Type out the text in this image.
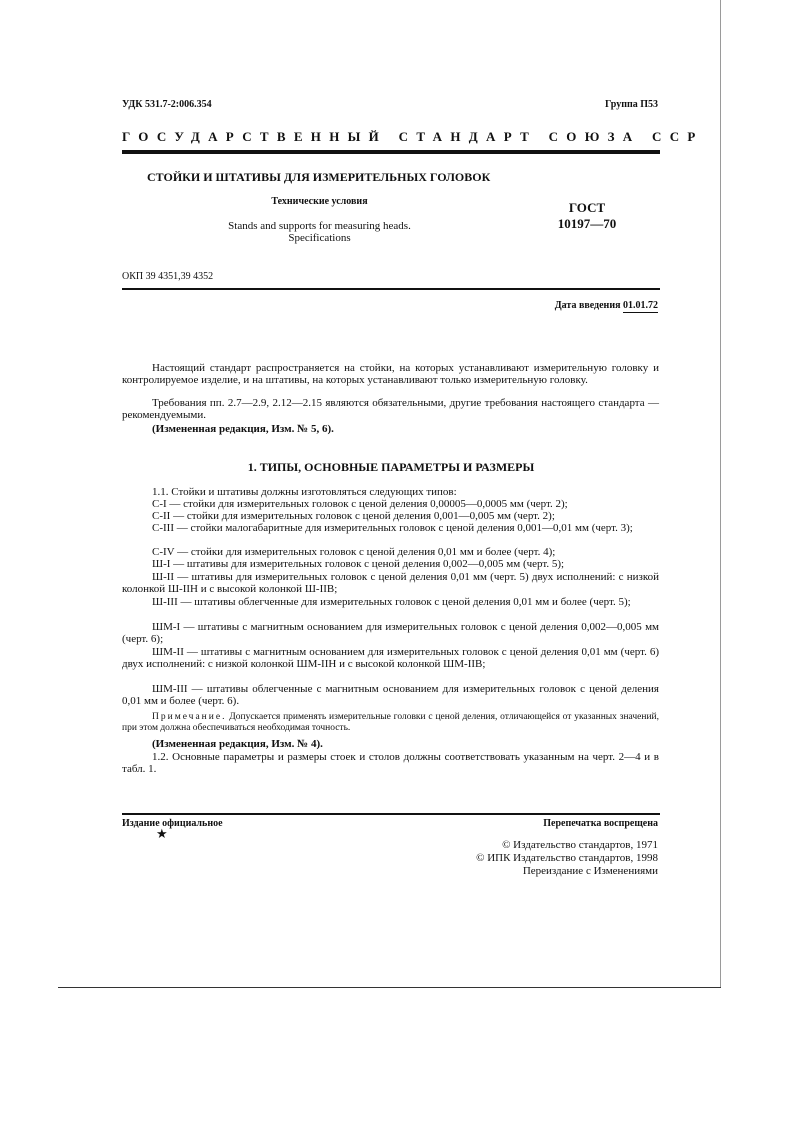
УДК 531.7-2:006.354	Группа П53
ГОСУДАРСТВЕННЫЙ СТАНДАРТ СОЮЗА ССР
СТОЙКИ И ШТАТИВЫ ДЛЯ ИЗМЕРИТЕЛЬНЫХ ГОЛОВОК
Технические условия
Stands and supports for measuring heads.
Specifications
ГОСТ
10197—70
ОКП 39 4351,39 4352
Дата введения 01.01.72

Настоящий стандарт распространяется на стойки, на которых устанавливают измерительную головку и контролируемое изделие, и на штативы, на которых устанавливают только измерительную головку.

Требования пп. 2.7—2.9, 2.12—2.15 являются обязательными, другие требования настоящего стандарта — рекомендуемыми.

(Измененная редакция, Изм. № 5, 6).

1. ТИПЫ, ОСНОВНЫЕ ПАРАМЕТРЫ И РАЗМЕРЫ

1.1. Стойки и штативы должны изготовляться следующих типов:

С-I — стойки для измерительных головок с ценой деления 0,00005—0,0005 мм (черт. 2);

С-II — стойки для измерительных головок с ценой деления 0,001—0,005 мм (черт. 2);

С-III — стойки малогабаритные для измерительных головок с ценой деления 0,001—0,01 мм (черт. 3);

С-IV — стойки для измерительных головок с ценой деления 0,01 мм и более (черт. 4);

Ш-I — штативы для измерительных головок с ценой деления 0,002—0,005 мм (черт. 5);

Ш-II — штативы для измерительных головок с ценой деления 0,01 мм (черт. 5) двух исполнений: с низкой колонкой Ш-IIН и с высокой колонкой Ш-IIВ;

Ш-III — штативы облегченные для измерительных головок с ценой деления 0,01 мм и более (черт. 5);

ШМ-I — штативы с магнитным основанием для измерительных головок с ценой деления 0,002—0,005 мм (черт. 6);

ШМ-II — штативы с магнитным основанием для измерительных головок с ценой деления 0,01 мм (черт. 6) двух исполнений: с низкой колонкой ШМ-IIН и с высокой колонкой ШМ-IIВ;

ШМ-III — штативы облегченные с магнитным основанием для измерительных головок с ценой деления 0,01 мм и более (черт. 6).

Примечание. Допускается применять измерительные головки с ценой деления, отличающейся от указанных значений, при этом должна обеспечиваться необходимая точность.

(Измененная редакция, Изм. № 4).

1.2. Основные параметры и размеры стоек и столов должны соответствовать указанным на черт. 2—4 и в табл. 1.

Издание официальное	Перепечатка воспрещена
★
© Издательство стандартов, 1971
© ИПК Издательство стандартов, 1998
Переиздание с Изменениями
